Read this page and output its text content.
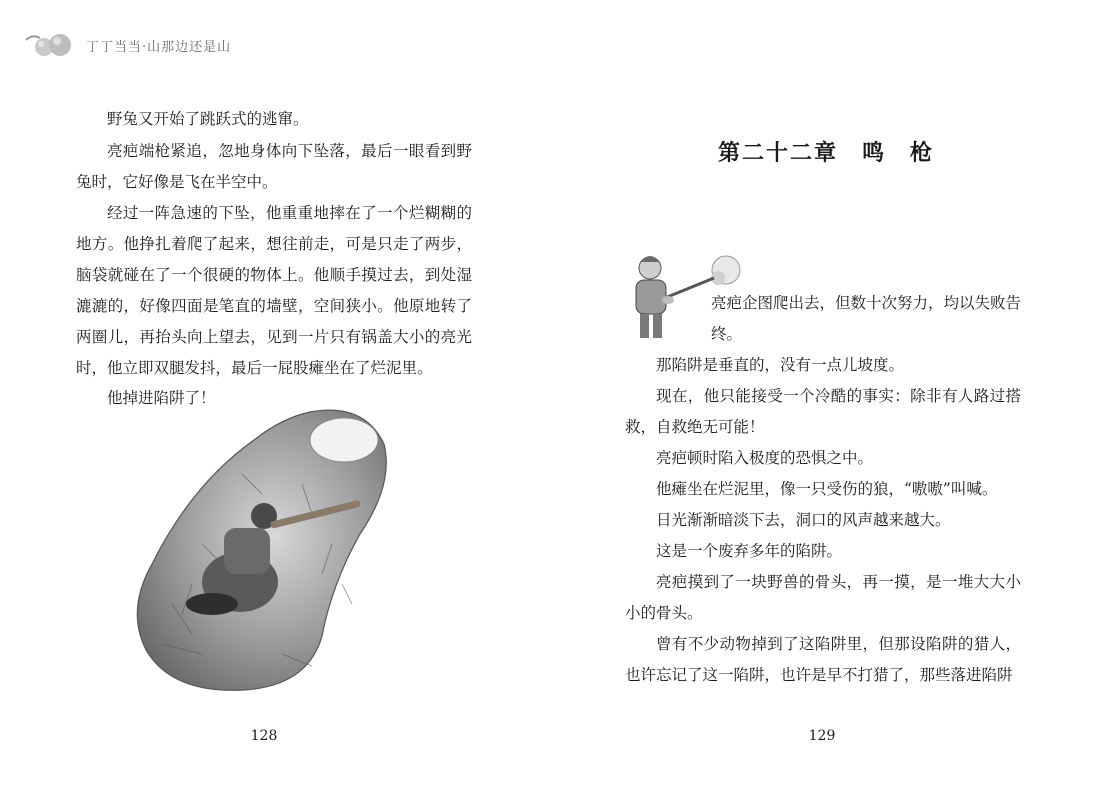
丁丁当当·山那边还是山

野兔又开始了跳跃式的逃窜。

亮疤端枪紧追，忽地身体向下坠落，最后一眼看到野兔时，它好像是飞在半空中。

经过一阵急速的下坠，他重重地摔在了一个烂糊糊的地方。他挣扎着爬了起来，想往前走，可是只走了两步，脑袋就碰在了一个很硬的物体上。他顺手摸过去，到处湿漉漉的，好像四面是笔直的墙壁，空间狭小。他原地转了两圈儿，再抬头向上望去，见到一片只有锅盖大小的亮光时，他立即双腿发抖，最后一屁股瘫坐在了烂泥里。

他掉进陷阱了！

128
第二十二章　鸣　枪

亮疤企图爬出去，但数十次努力，均以失败告终。

那陷阱是垂直的，没有一点儿坡度。

现在，他只能接受一个冷酷的事实：除非有人路过搭救，自救绝无可能！

亮疤顿时陷入极度的恐惧之中。

他瘫坐在烂泥里，像一只受伤的狼，“嗷嗷”叫喊。

日光渐渐暗淡下去，洞口的风声越来越大。

这是一个废弃多年的陷阱。

亮疤摸到了一块野兽的骨头，再一摸，是一堆大大小小的骨头。

曾有不少动物掉到了这陷阱里，但那设陷阱的猎人，也许忘记了这一陷阱，也许是早不打猎了，那些落进陷阱

129
